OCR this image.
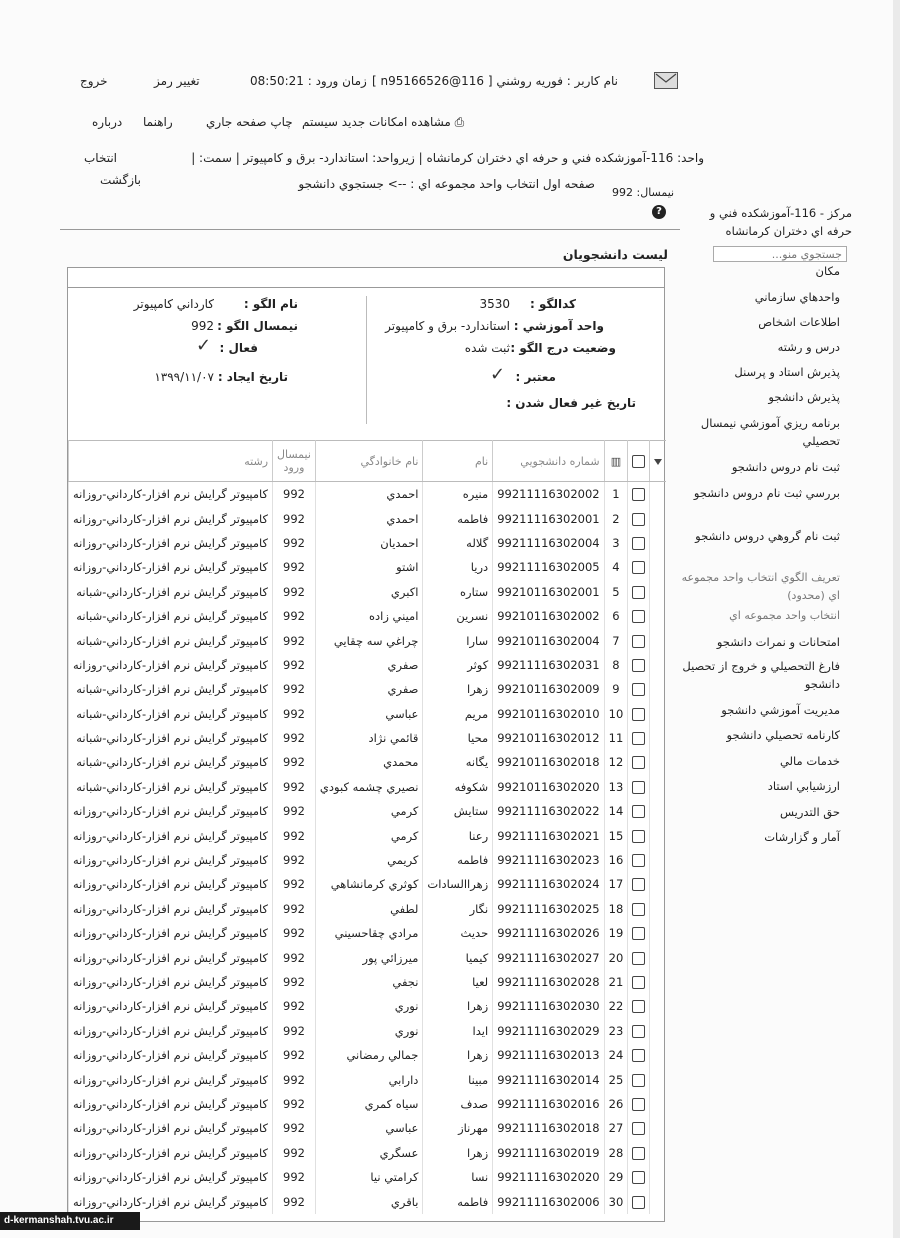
نام كاربر : فوريه روشني [ n95166526@116 ]
زمان ورود : 08:50:21
تغيير رمز
خروج
⎙ مشاهده امكانات جديد سيستم
چاپ صفحه جاري
راهنما
درباره
واحد: 116-آموزشكده فني و حرفه اي دختران كرمانشاه | زيرواحد: استاندارد- برق و كامپيوتر | سمت: |
انتخاب
صفحه اول انتخاب واحد مجموعه اي : --> جستجوي دانشجو
بازگشت
نيمسال: 992
?	مركز - 116-آموزشكده فني و حرفه اي دختران كرمانشاه
جستجوي منو...
مكان
واحدهاي سازماني
اطلاعات اشخاص
درس و رشته
پذيرش استاد و پرسنل
پذيرش دانشجو
برنامه ريزي آموزشي نيمسال تحصيلي
ثبت نام دروس دانشجو
بررسي ثبت نام دروس دانشجو
ثبت نام گروهي دروس دانشجو
تعريف الگوي انتخاب واحد مجموعه اي (محدود)
انتخاب واحد مجموعه اي
امتحانات و نمرات دانشجو
فارغ التحصيلي و خروج از تحصيل دانشجو
مديريت آموزشي دانشجو
كارنامه تحصيلي دانشجو
خدمات مالي
ارزشيابي استاد
حق التدريس
آمار و گزارشات
ليست دانشجويان
كدالگو :
3530
واحد آموزشي :
استاندارد- برق و كامپيوتر
وضعيت درج الگو :
ثبت شده
معتبر :
✓
تاريخ غير فعال شدن :
نام الگو :
كارداني كامپيوتر
نيمسال الگو :
992
فعال :
✓
تاريخ ايجاد :
۱۳۹۹/۱۱/۰۷
		▥	شماره دانشجويي	نام	نام خانوادگي	نيمسال ورود	رشته
		1	99211116302002	منيره	احمدي	992	كامپيوتر گرايش نرم افزار-كارداني-روزانه
		2	99211116302001	فاطمه	احمدي	992	كامپيوتر گرايش نرم افزار-كارداني-روزانه
		3	99211116302004	گلاله	احمديان	992	كامپيوتر گرايش نرم افزار-كارداني-روزانه
		4	99211116302005	دريا	اشتو	992	كامپيوتر گرايش نرم افزار-كارداني-روزانه
		5	99210116302001	ستاره	اكبري	992	كامپيوتر گرايش نرم افزار-كارداني-شبانه
		6	99210116302002	نسرين	اميني زاده	992	كامپيوتر گرايش نرم افزار-كارداني-شبانه
		7	99210116302004	سارا	چراغي سه چقايي	992	كامپيوتر گرايش نرم افزار-كارداني-شبانه
		8	99211116302031	كوثر	صفري	992	كامپيوتر گرايش نرم افزار-كارداني-روزانه
		9	99210116302009	زهرا	صفري	992	كامپيوتر گرايش نرم افزار-كارداني-شبانه
		10	99210116302010	مريم	عباسي	992	كامپيوتر گرايش نرم افزار-كارداني-شبانه
		11	99210116302012	محيا	قائمي نژاد	992	كامپيوتر گرايش نرم افزار-كارداني-شبانه
		12	99210116302018	يگانه	محمدي	992	كامپيوتر گرايش نرم افزار-كارداني-شبانه
		13	99210116302020	شكوفه	نصيري چشمه كبودي	992	كامپيوتر گرايش نرم افزار-كارداني-شبانه
		14	99211116302022	ستايش	كرمي	992	كامپيوتر گرايش نرم افزار-كارداني-روزانه
		15	99211116302021	رعنا	كرمي	992	كامپيوتر گرايش نرم افزار-كارداني-روزانه
		16	99211116302023	فاطمه	كريمي	992	كامپيوتر گرايش نرم افزار-كارداني-روزانه
		17	99211116302024	زهراالسادات	كوثري كرمانشاهي	992	كامپيوتر گرايش نرم افزار-كارداني-روزانه
		18	99211116302025	نگار	لطفي	992	كامپيوتر گرايش نرم افزار-كارداني-روزانه
		19	99211116302026	حديث	مرادي چقاحسيني	992	كامپيوتر گرايش نرم افزار-كارداني-روزانه
		20	99211116302027	كيميا	ميرزائي پور	992	كامپيوتر گرايش نرم افزار-كارداني-روزانه
		21	99211116302028	لعيا	نجفي	992	كامپيوتر گرايش نرم افزار-كارداني-روزانه
		22	99211116302030	زهرا	نوري	992	كامپيوتر گرايش نرم افزار-كارداني-روزانه
		23	99211116302029	ايدا	نوري	992	كامپيوتر گرايش نرم افزار-كارداني-روزانه
		24	99211116302013	زهرا	جمالي رمضاني	992	كامپيوتر گرايش نرم افزار-كارداني-روزانه
		25	99211116302014	مبينا	دارابي	992	كامپيوتر گرايش نرم افزار-كارداني-روزانه
		26	99211116302016	صدف	سياه كمري	992	كامپيوتر گرايش نرم افزار-كارداني-روزانه
		27	99211116302018	مهرناز	عباسي	992	كامپيوتر گرايش نرم افزار-كارداني-روزانه
		28	99211116302019	زهرا	عسگري	992	كامپيوتر گرايش نرم افزار-كارداني-روزانه
		29	99211116302020	نسا	كرامتي نيا	992	كامپيوتر گرايش نرم افزار-كارداني-روزانه
		30	99211116302006	فاطمه	باقري	992	كامپيوتر گرايش نرم افزار-كارداني-روزانه
d-kermanshah.tvu.ac.ir
